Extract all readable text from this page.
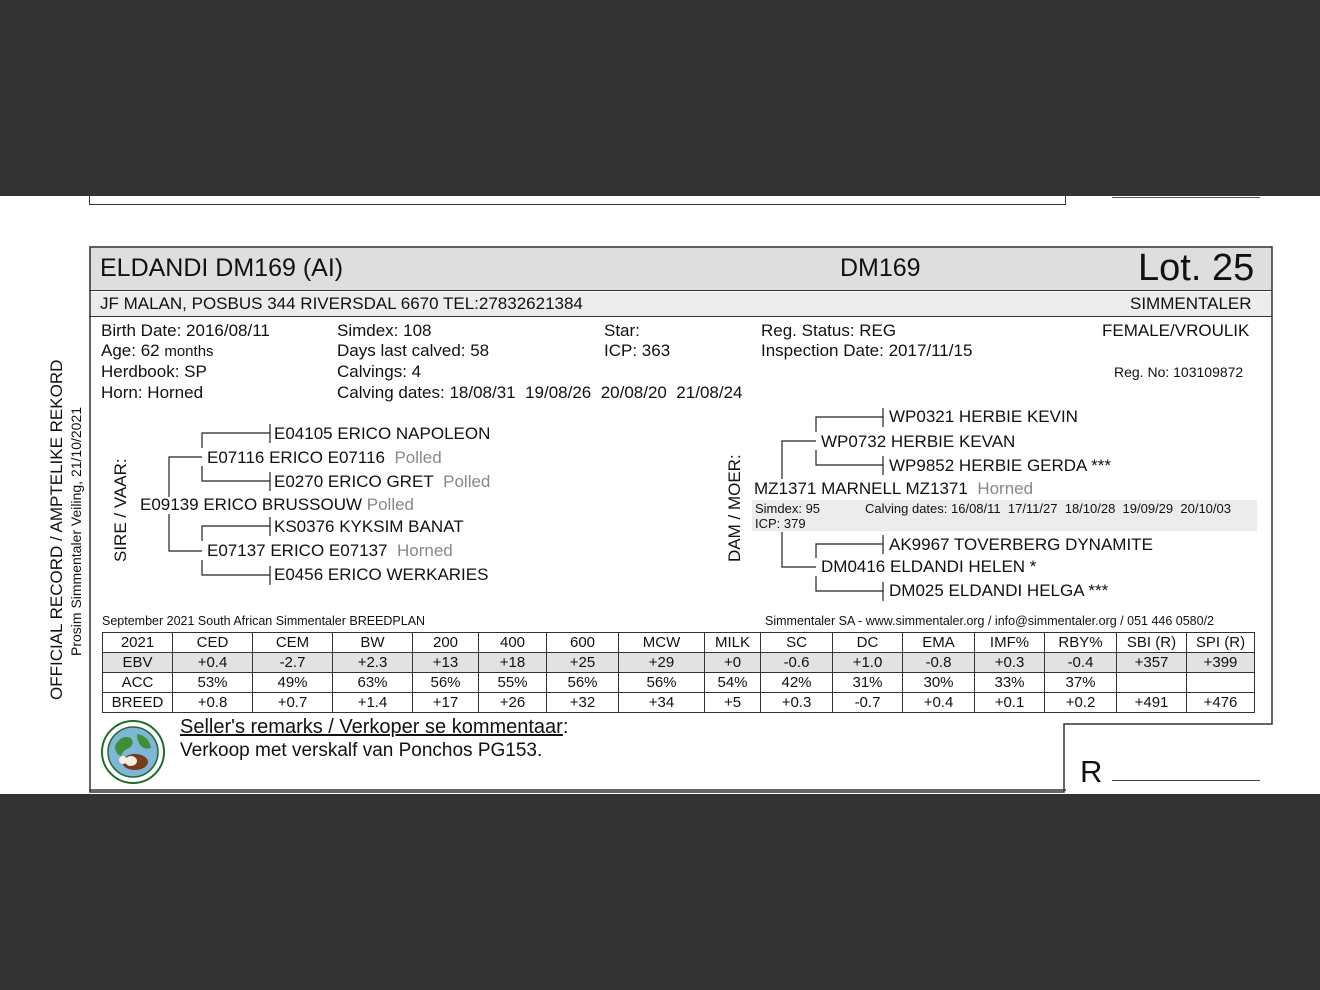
OFFICIAL RECORD / AMPTELIKE REKORD Prosim Simmentaler Veiling, 21/10/2021
ELDANDI DM169 (AI)	DM169	Lot. 25
JF MALAN, POSBUS 344 RIVERSDAL 6670 TEL:27832621384	SIMMENTALER
Birth Date: 2016/08/11
Age: 62 months
Herdbook: SP
Horn: Horned
Simdex: 108
Days last calved: 58
Calvings: 4
Calving dates: 18/08/31  19/08/26  20/08/20  21/08/24
Star:
ICP: 363
Reg. Status: REG
Inspection Date: 2017/11/15
FEMALE/VROULIK
Reg. No: 103109872
SIRE / VAAR:	DAM / MOER:
E04105 ERICO NAPOLEON
E07116 ERICO E07116 Polled
E0270 ERICO GRET Polled
E09139 ERICO BRUSSOUW Polled
KS0376 KYKSIM BANAT
E07137 ERICO E07137 Horned
E0456 ERICO WERKARIES
WP0321 HERBIE KEVIN
WP0732 HERBIE KEVAN
WP9852 HERBIE GERDA ***
MZ1371 MARNELL MZ1371 Horned
Simdex: 95
ICP: 379
Calving dates: 16/08/11  17/11/27  18/10/28  19/09/29  20/10/03
AK9967 TOVERBERG DYNAMITE
DM0416 ELDANDI HELEN *
DM025 ELDANDI HELGA ***
September 2021 South African Simmentaler BREEDPLAN	Simmentaler SA - www.simmentaler.org / info@simmentaler.org / 051 446 0580/2
2021	CED	CEM	BW	200	400	600	MCW	MILK	SC	DC	EMA	IMF%	RBY%	SBI (R)	SPI (R)
EBV	+0.4	-2.7	+2.3	+13	+18	+25	+29	+0	-0.6	+1.0	-0.8	+0.3	-0.4	+357	+399
ACC	53%	49%	63%	56%	55%	56%	56%	54%	42%	31%	30%	33%	37%		
BREED	+0.8	+0.7	+1.4	+17	+26	+32	+34	+5	+0.3	-0.7	+0.4	+0.1	+0.2	+491	+476
Seller's remarks / Verkoper se kommentaar:
Verkoop met verskalf van Ponchos PG153.
R
